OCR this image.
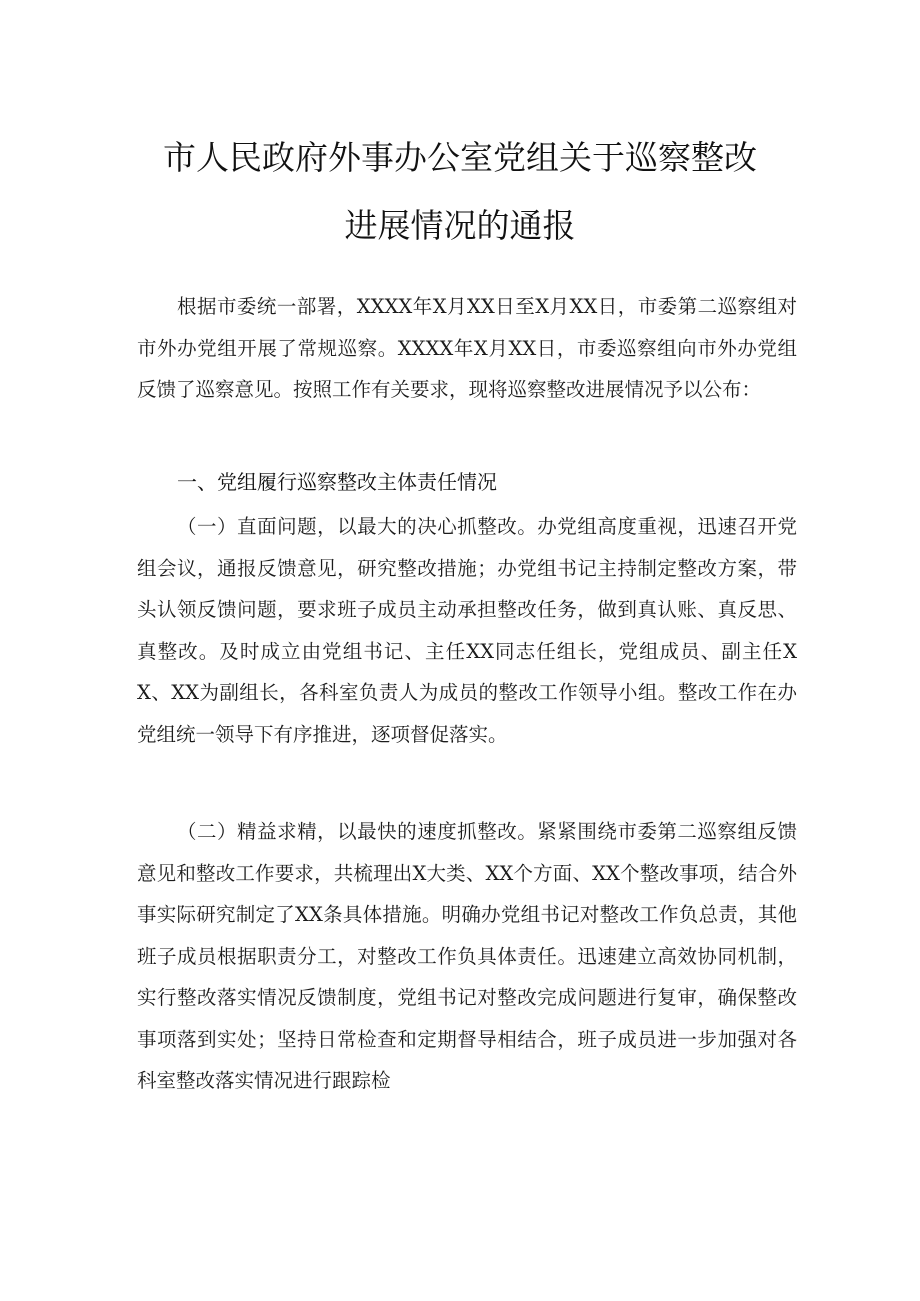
市人民政府外事办公室党组关于巡察整改
进展情况的通报

根据市委统一部署，XXXX年X月XX日至X月XX日，市委第二巡察组对市外办党组开展了常规巡察。XXXX年X月XX日，市委巡察组向市外办党组反馈了巡察意见。按照工作有关要求，现将巡察整改进展情况予以公布：

一、党组履行巡察整改主体责任情况

（一）直面问题，以最大的决心抓整改。办党组高度重视，迅速召开党组会议，通报反馈意见，研究整改措施；办党组书记主持制定整改方案，带头认领反馈问题，要求班子成员主动承担整改任务，做到真认账、真反思、真整改。及时成立由党组书记、主任XX同志任组长，党组成员、副主任XX、XX为副组长，各科室负责人为成员的整改工作领导小组。整改工作在办党组统一领导下有序推进，逐项督促落实。

（二）精益求精，以最快的速度抓整改。紧紧围绕市委第二巡察组反馈意见和整改工作要求，共梳理出X大类、XX个方面、XX个整改事项，结合外事实际研究制定了XX条具体措施。明确办党组书记对整改工作负总责，其他班子成员根据职责分工，对整改工作负具体责任。迅速建立高效协同机制，实行整改落实情况反馈制度，党组书记对整改完成问题进行复审，确保整改事项落到实处；坚持日常检查和定期督导相结合，班子成员进一步加强对各科室整改落实情况进行跟踪检
